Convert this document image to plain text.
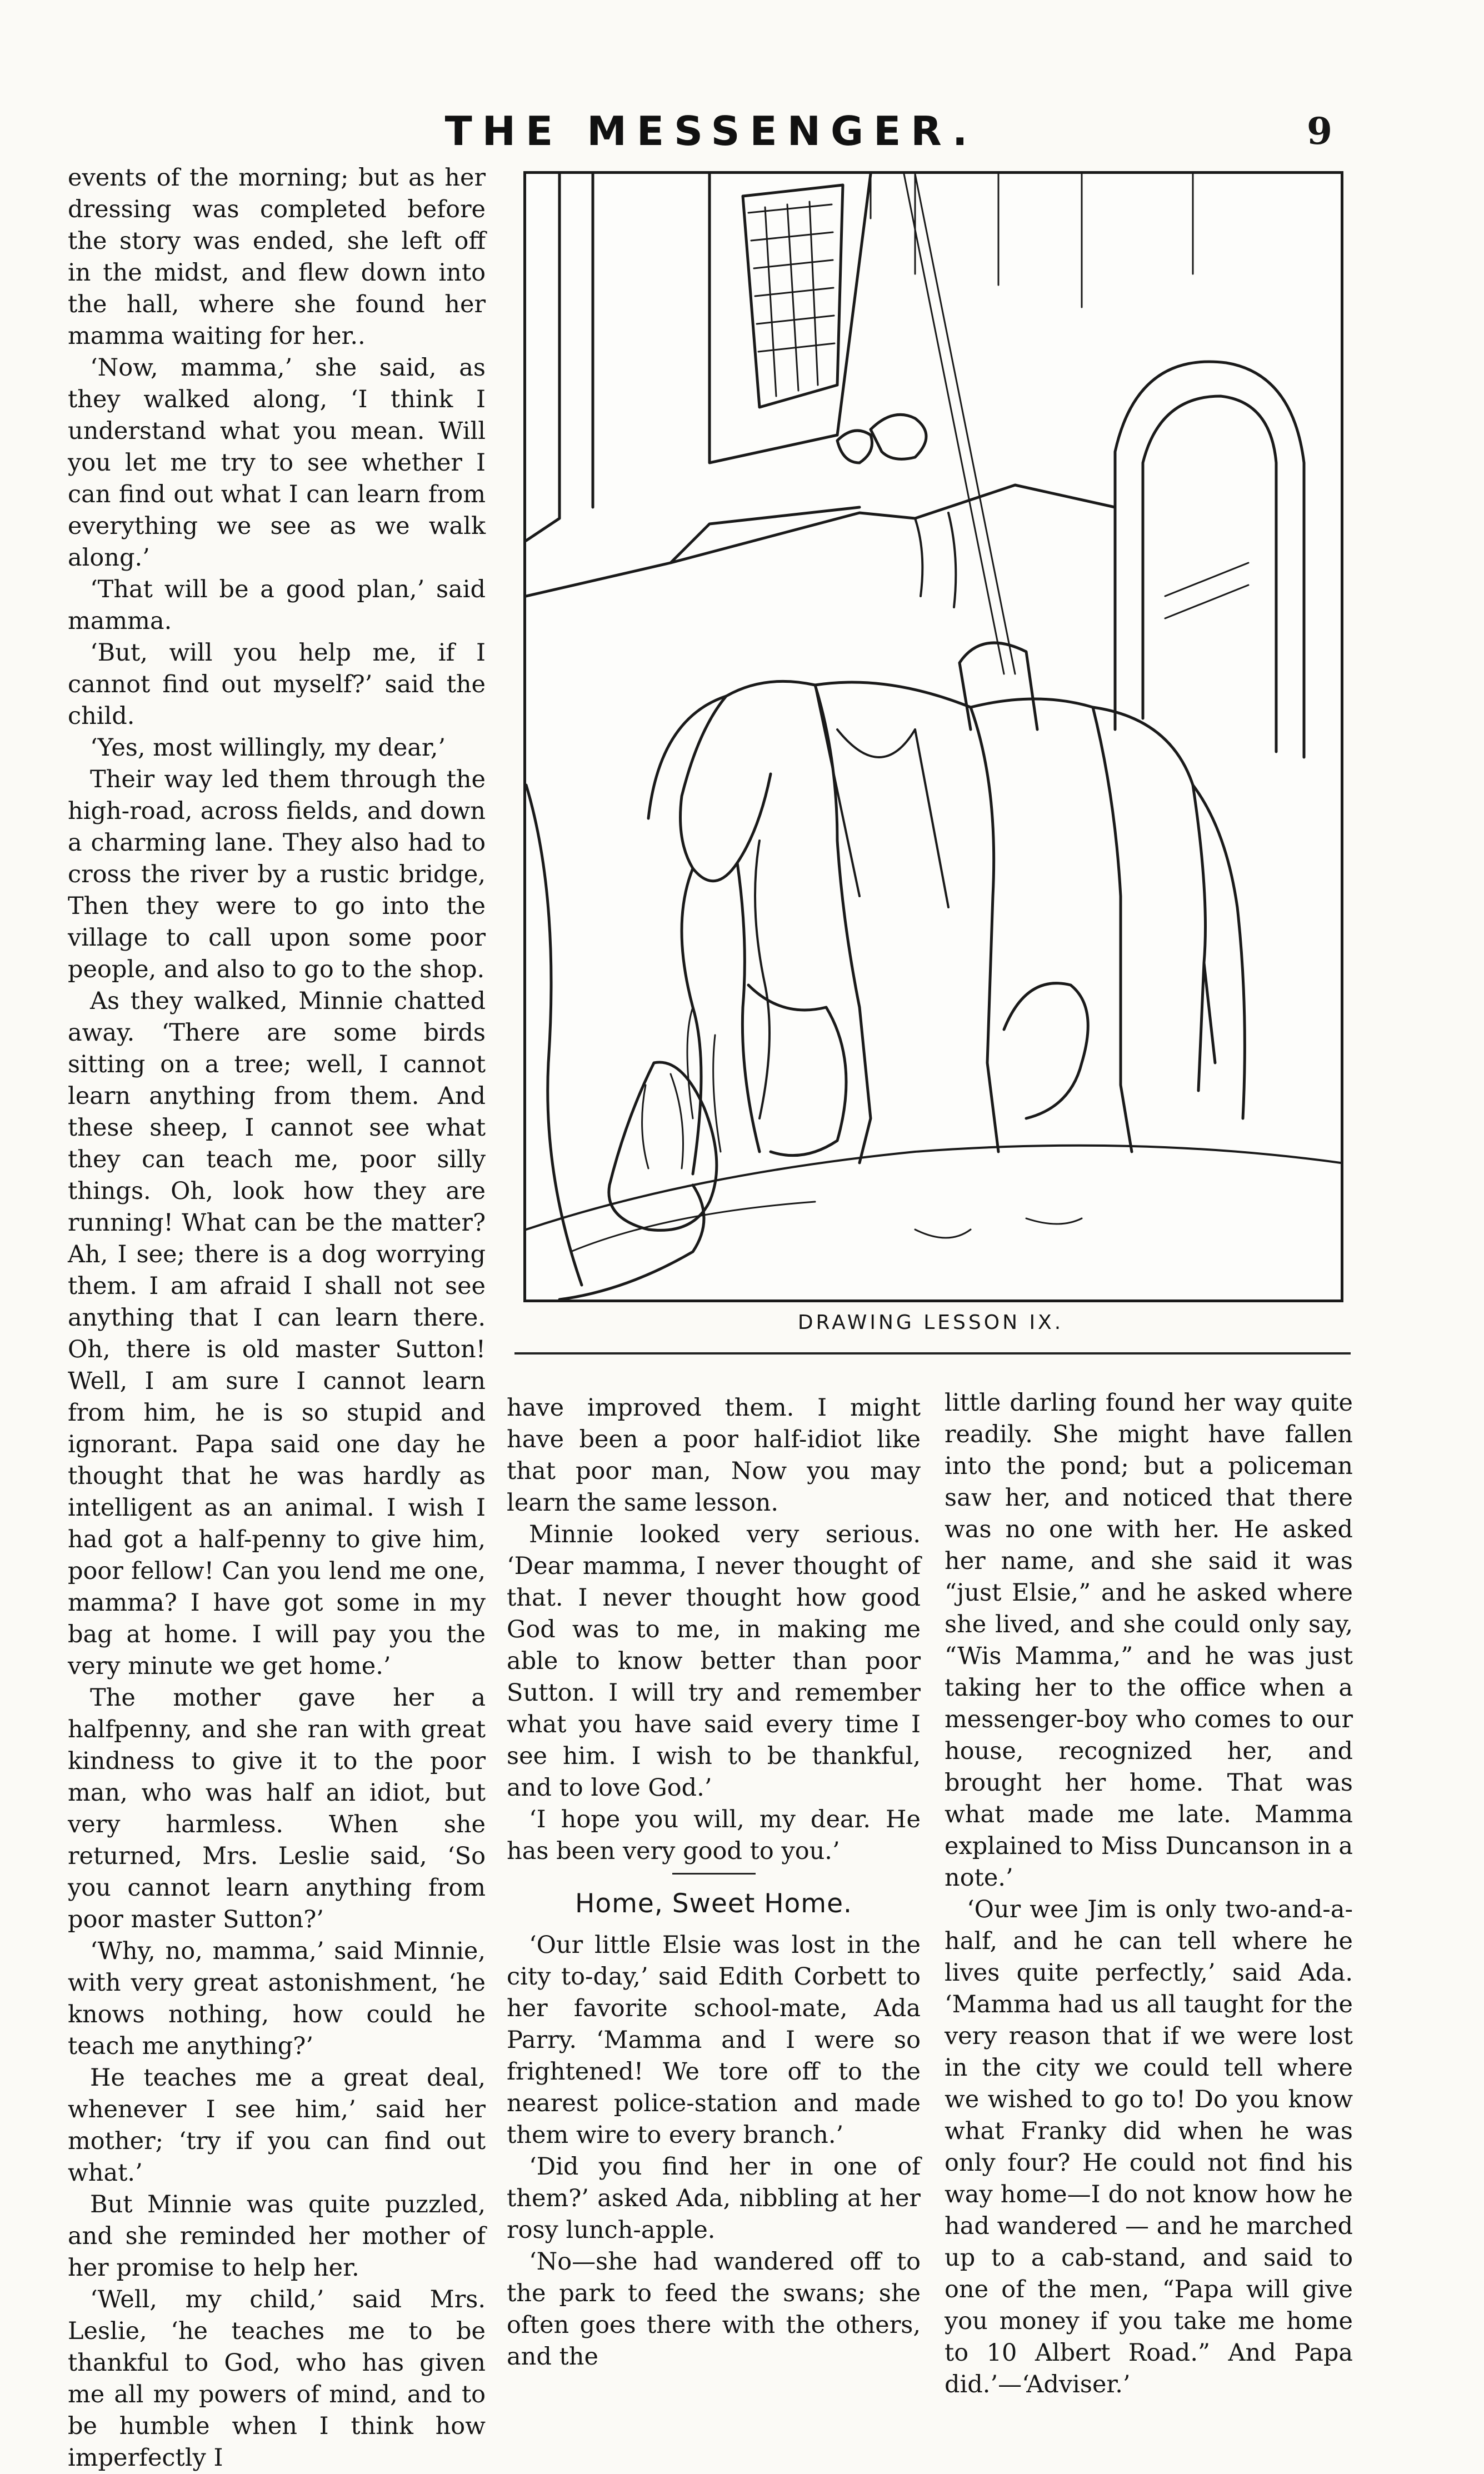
THE MESSENGER.	9

events of the morning; but as her dressing was completed before the story was ended, she left off in the midst, and flew down into the hall, where she found her mamma waiting for her..

‘Now, mamma,’ she said, as they walked along, ‘I think I understand what you mean. Will you let me try to see whether I can find out what I can learn from everything we see as we walk along.’

‘That will be a good plan,’ said mamma.

‘But, will you help me, if I cannot find out myself?’ said the child.

‘Yes, most willingly, my dear,’

Their way led them through the high-road, across fields, and down a charming lane. They also had to cross the river by a rustic bridge, Then they were to go into the village to call upon some poor people, and also to go to the shop.

As they walked, Minnie chatted away. ‘There are some birds sitting on a tree; well, I cannot learn anything from them. And these sheep, I cannot see what they can teach me, poor silly things. Oh, look how they are running! What can be the matter? Ah, I see; there is a dog worrying them. I am afraid I shall not see anything that I can learn there. Oh, there is old master Sutton! Well, I am sure I cannot learn from him, he is so stupid and ignorant. Papa said one day he thought that he was hardly as intelligent as an animal. I wish I had got a half-penny to give him, poor fellow! Can you lend me one, mamma? I have got some in my bag at home. I will pay you the very minute we get home.’

The mother gave her a halfpenny, and she ran with great kindness to give it to the poor man, who was half an idiot, but very harmless. When she returned, Mrs. Leslie said, ‘So you cannot learn anything from poor master Sutton?’

‘Why, no, mamma,’ said Minnie, with very great astonishment, ‘he knows nothing, how could he teach me anything?’

He teaches me a great deal, whenever I see him,’ said her mother; ‘try if you can find out what.’

But Minnie was quite puzzled, and she reminded her mother of her promise to help her.

‘Well, my child,’ said Mrs. Leslie, ‘he teaches me to be thankful to God, who has given me all my powers of mind, and to be humble when I think how imperfectly I

DRAWING LESSON IX.

have improved them. I might have been a poor half-idiot like that poor man, Now you may learn the same lesson.

Minnie looked very serious. ‘Dear mamma, I never thought of that. I never thought how good God was to me, in making me able to know better than poor Sutton. I will try and remember what you have said every time I see him. I wish to be thankful, and to love God.’

‘I hope you will, my dear. He has been very good to you.’

Home, Sweet Home.

‘Our little Elsie was lost in the city to-day,’ said Edith Corbett to her favorite school-mate, Ada Parry. ‘Mamma and I were so frightened! We tore off to the nearest police-station and made them wire to every branch.’

‘Did you find her in one of them?’ asked Ada, nibbling at her rosy lunch-apple.

‘No—she had wandered off to the park to feed the swans; she often goes there with the others, and the

little darling found her way quite readily. She might have fallen into the pond; but a policeman saw her, and noticed that there was no one with her. He asked her name, and she said it was “just Elsie,” and he asked where she lived, and she could only say, “Wis Mamma,” and he was just taking her to the office when a messenger-boy who comes to our house, recognized her, and brought her home. That was what made me late. Mamma explained to Miss Duncanson in a note.’

‘Our wee Jim is only two-and-a-half, and he can tell where he lives quite perfectly,’ said Ada. ‘Mamma had us all taught for the very reason that if we were lost in the city we could tell where we wished to go to! Do you know what Franky did when he was only four? He could not find his way home—I do not know how he had wandered — and he marched up to a cab-stand, and said to one of the men, “Papa will give you money if you take me home to 10 Albert Road.” And Papa did.’—‘Adviser.’
